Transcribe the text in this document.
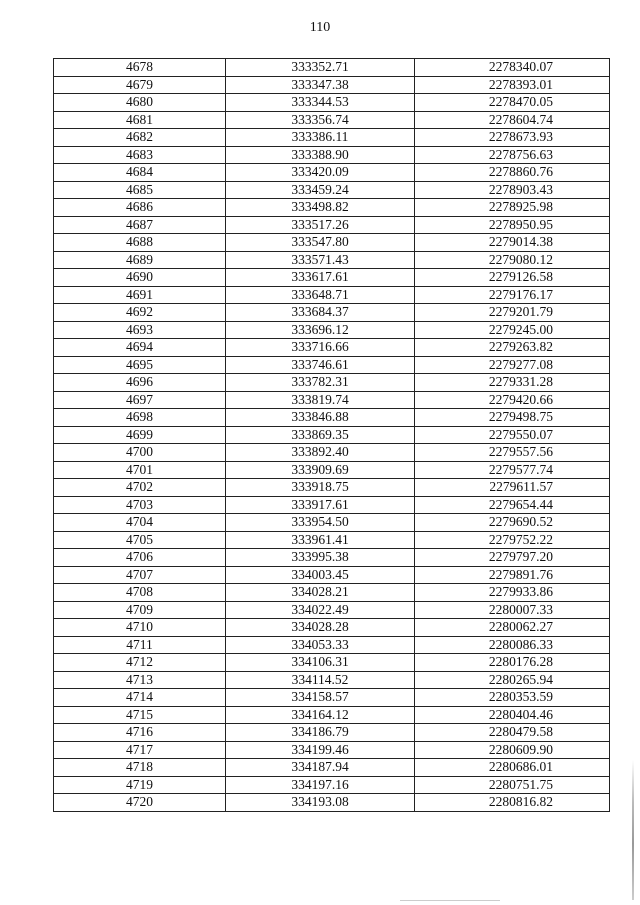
110
4678	333352.71	2278340.07
4679	333347.38	2278393.01
4680	333344.53	2278470.05
4681	333356.74	2278604.74
4682	333386.11	2278673.93
4683	333388.90	2278756.63
4684	333420.09	2278860.76
4685	333459.24	2278903.43
4686	333498.82	2278925.98
4687	333517.26	2278950.95
4688	333547.80	2279014.38
4689	333571.43	2279080.12
4690	333617.61	2279126.58
4691	333648.71	2279176.17
4692	333684.37	2279201.79
4693	333696.12	2279245.00
4694	333716.66	2279263.82
4695	333746.61	2279277.08
4696	333782.31	2279331.28
4697	333819.74	2279420.66
4698	333846.88	2279498.75
4699	333869.35	2279550.07
4700	333892.40	2279557.56
4701	333909.69	2279577.74
4702	333918.75	2279611.57
4703	333917.61	2279654.44
4704	333954.50	2279690.52
4705	333961.41	2279752.22
4706	333995.38	2279797.20
4707	334003.45	2279891.76
4708	334028.21	2279933.86
4709	334022.49	2280007.33
4710	334028.28	2280062.27
4711	334053.33	2280086.33
4712	334106.31	2280176.28
4713	334114.52	2280265.94
4714	334158.57	2280353.59
4715	334164.12	2280404.46
4716	334186.79	2280479.58
4717	334199.46	2280609.90
4718	334187.94	2280686.01
4719	334197.16	2280751.75
4720	334193.08	2280816.82
